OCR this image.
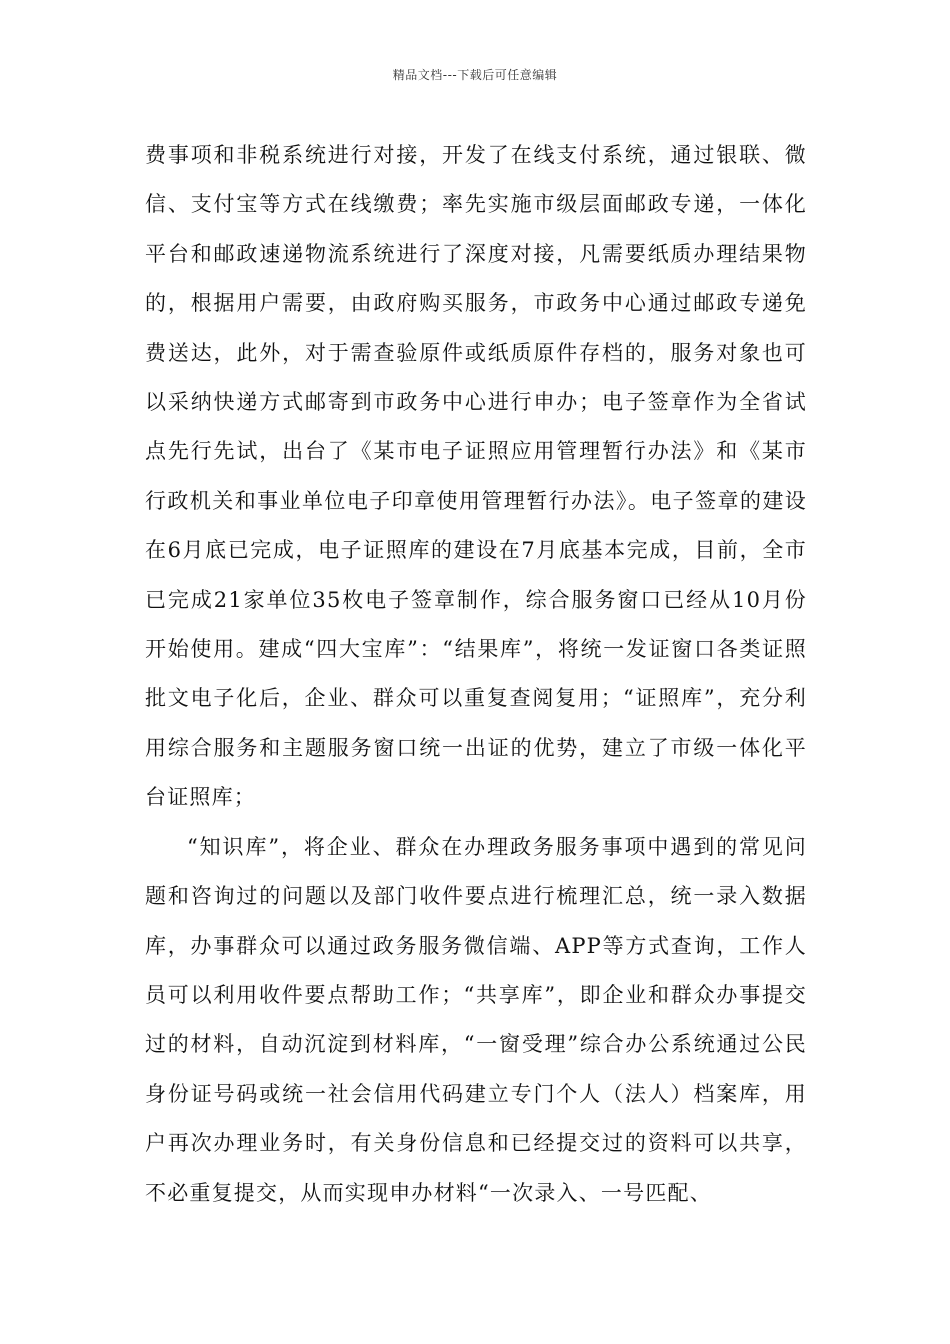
精品文档---下载后可任意编辑

费事项和非税系统进行对接，开发了在线支付系统，通过银联、微信、支付宝等方式在线缴费；率先实施市级层面邮政专递，一体化平台和邮政速递物流系统进行了深度对接，凡需要纸质办理结果物的，根据用户需要，由政府购买服务，市政务中心通过邮政专递免费送达，此外，对于需查验原件或纸质原件存档的，服务对象也可以采纳快递方式邮寄到市政务中心进行申办；电子签章作为全省试点先行先试，出台了《某市电子证照应用管理暂行办法》和《某市行政机关和事业单位电子印章使用管理暂行办法》。电子签章的建设在6月底已完成，电子证照库的建设在7月底基本完成，目前，全市已完成21家单位35枚电子签章制作，综合服务窗口已经从10月份开始使用。建成“四大宝库”：“结果库”，将统一发证窗口各类证照批文电子化后，企业、群众可以重复查阅复用；“证照库”，充分利用综合服务和主题服务窗口统一出证的优势，建立了市级一体化平台证照库；

“知识库”，将企业、群众在办理政务服务事项中遇到的常见问题和咨询过的问题以及部门收件要点进行梳理汇总，统一录入数据库，办事群众可以通过政务服务微信端、APP等方式查询，工作人员可以利用收件要点帮助工作；“共享库”，即企业和群众办事提交过的材料，自动沉淀到材料库，“一窗受理”综合办公系统通过公民身份证号码或统一社会信用代码建立专门个人（法人）档案库，用户再次办理业务时，有关身份信息和已经提交过的资料可以共享，不必重复提交，从而实现申办材料“一次录入、一号匹配、
